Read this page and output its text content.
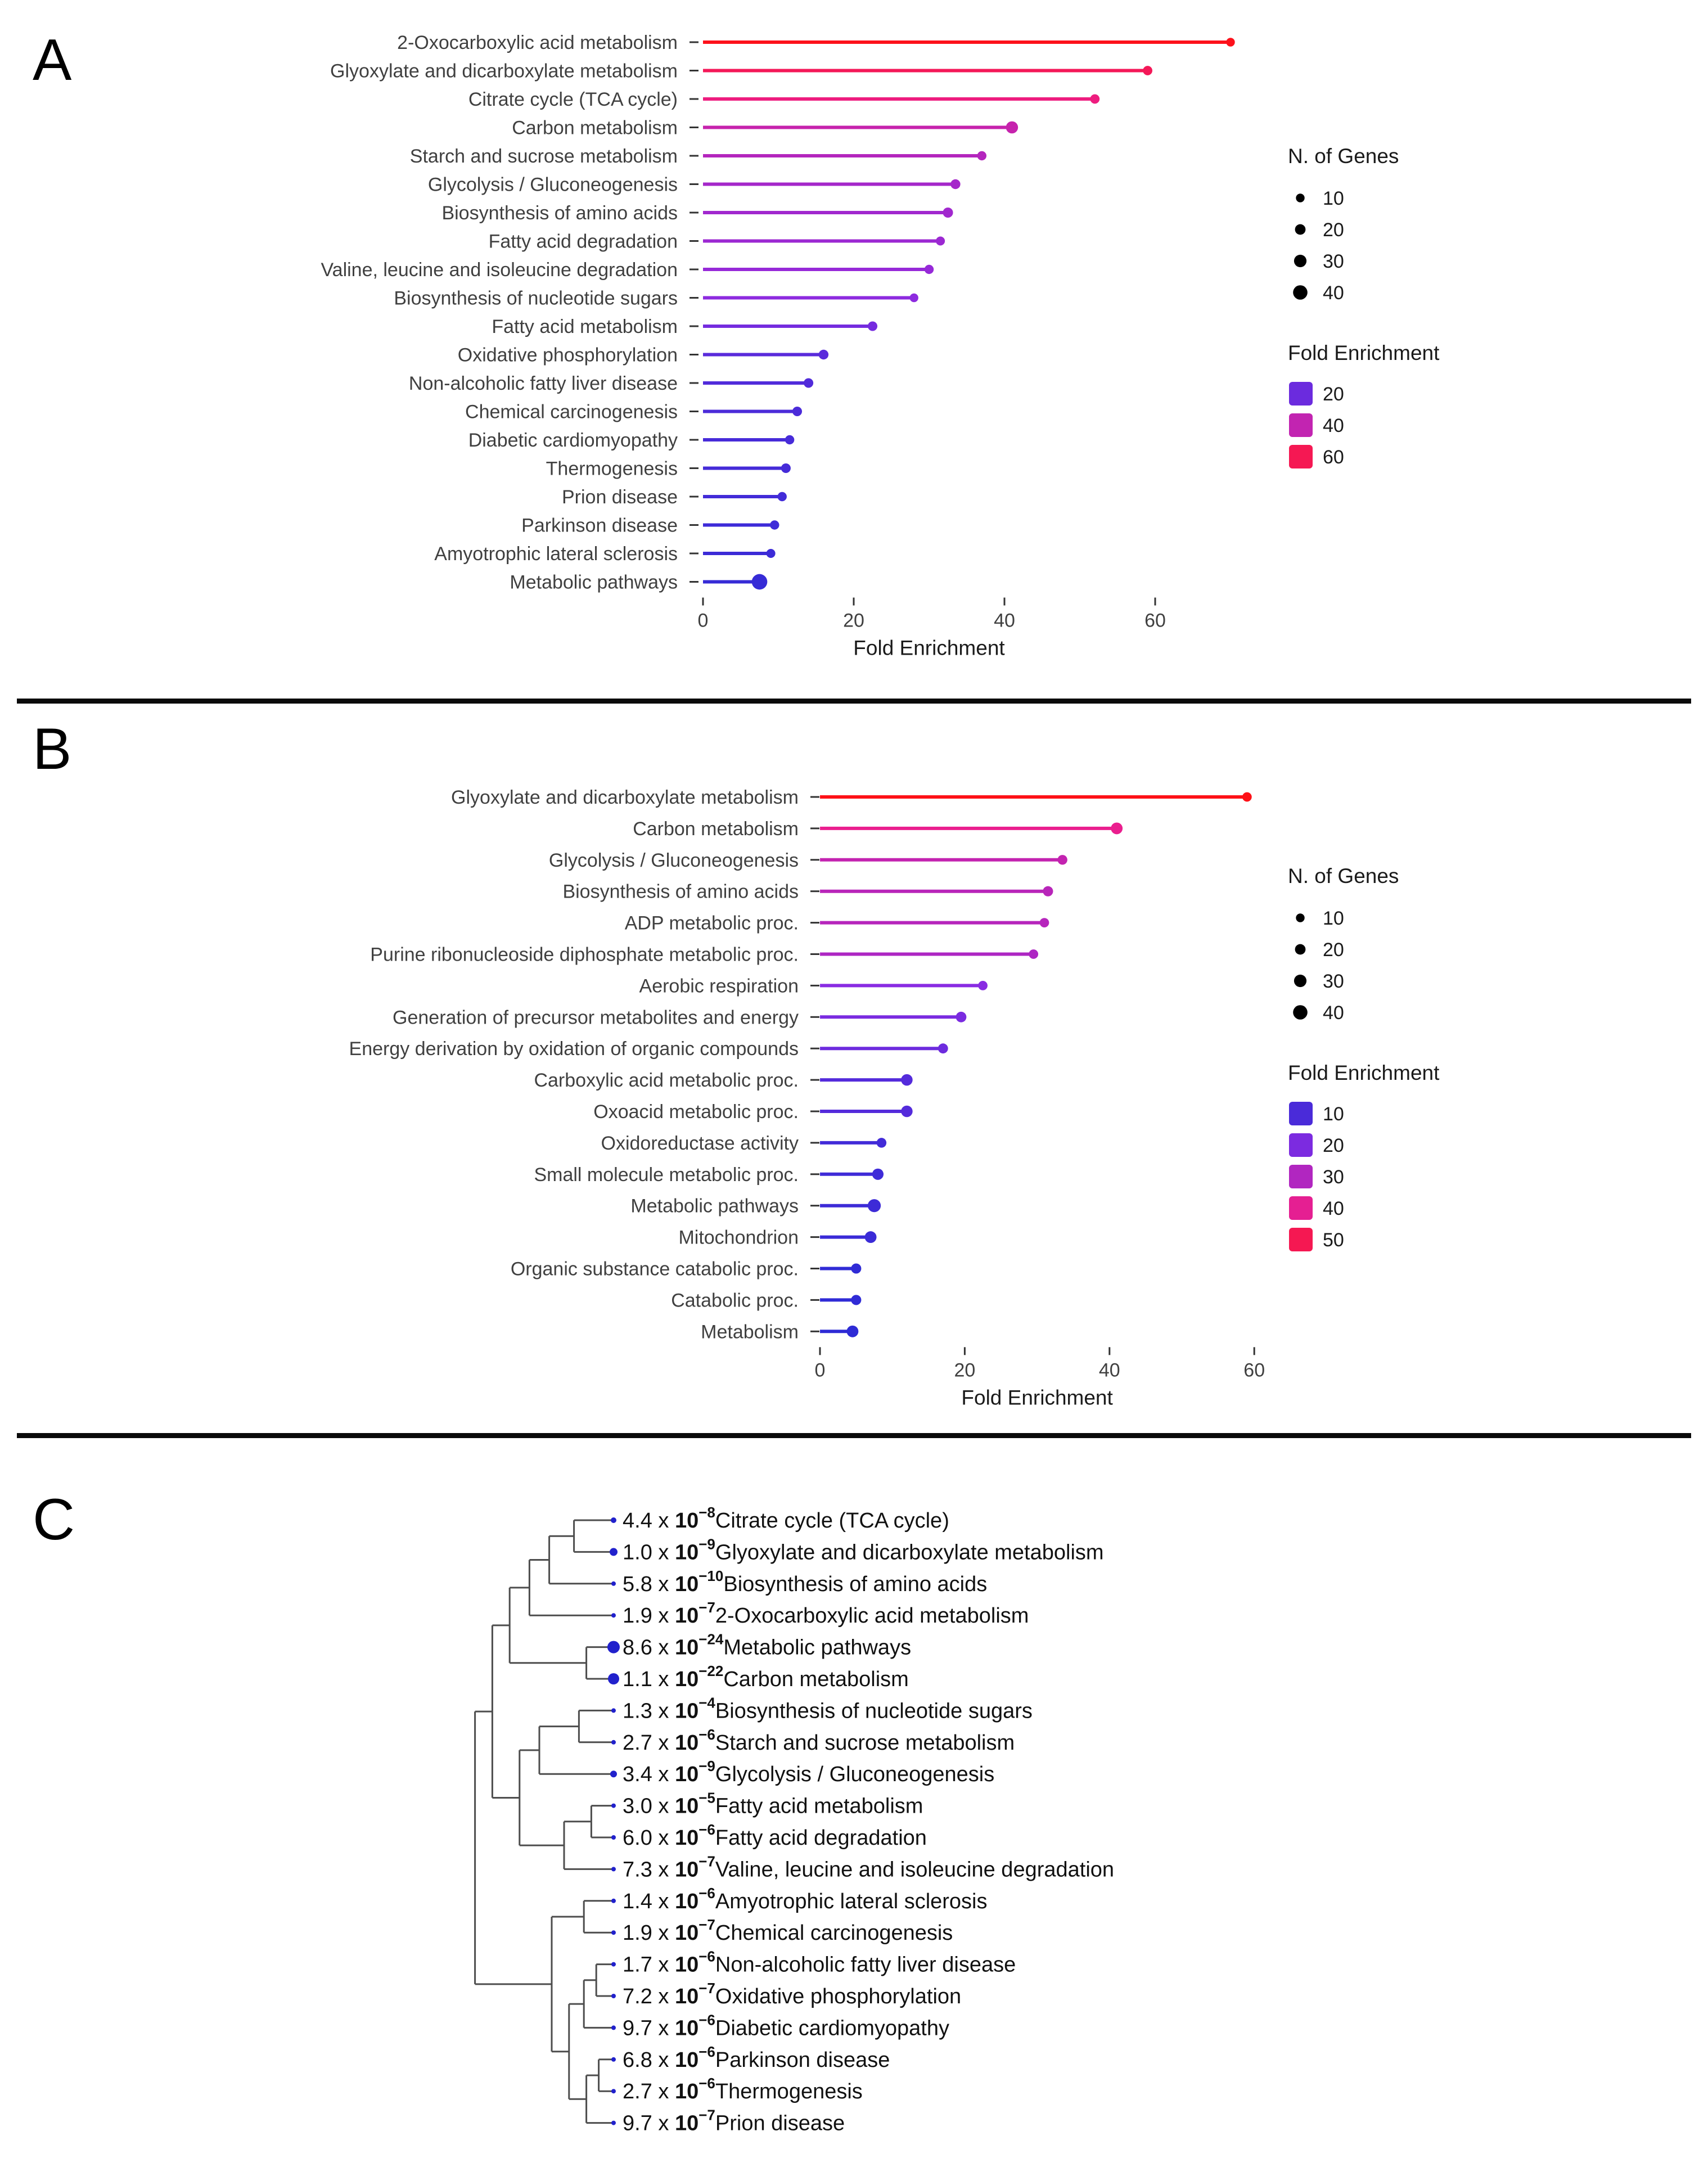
A	2-Oxocarboxylic acid metabolism
Glyoxylate and dicarboxylate metabolism
Citrate cycle (TCA cycle)
Carbon metabolism
Starch and sucrose metabolism
Glycolysis / Gluconeogenesis
Biosynthesis of amino acids
Fatty acid degradation
Valine, leucine and isoleucine degradation
Biosynthesis of nucleotide sugars
Fatty acid metabolism
Oxidative phosphorylation
Non-alcoholic fatty liver disease
Chemical carcinogenesis
Diabetic cardiomyopathy
Thermogenesis
Prion disease
Parkinson disease
Amyotrophic lateral sclerosis
Metabolic pathways
0	20	40	60
Fold Enrichment
N. of Genes
10
20
30
40
Fold Enrichment
20
40
60
B
Glyoxylate and dicarboxylate metabolism
Carbon metabolism
Glycolysis / Gluconeogenesis
Biosynthesis of amino acids
ADP metabolic proc.
Purine ribonucleoside diphosphate metabolic proc.
Aerobic respiration
Generation of precursor metabolites and energy
Energy derivation by oxidation of organic compounds
Carboxylic acid metabolic proc.
Oxoacid metabolic proc.
Oxidoreductase activity
Small molecule metabolic proc.
Metabolic pathways
Mitochondrion
Organic substance catabolic proc.
Catabolic proc.
Metabolism
0	20	40	60
Fold Enrichment
N. of Genes
10
20
30
40
Fold Enrichment
10
20
30
40
50
C	4.4 x $10^{-8}Citrate$ cycle (TCA cycle)
1.0 x $10^{-9}Glyoxylate$ and dicarboxylate metabolism
5.8 x $10^{-10}Biosynthesis$ of amino acids
1.9 x $10^{-7}2$-Oxocarboxylic acid metabolism
8.6 x $10^{-24}Metabolic$ pathways
1.1 x $10^{-22}Carbon$ metabolism
1.3 x $10^{-4}Biosynthesis$ of nucleotide sugars
2.7 x $10^{-6}Starch$ and sucrose metabolism
3.4 x $10^{-9}Glycolysis$ / Gluconeogenesis
3.0 x $10^{-5}Fatty$ acid metabolism
6.0 x $10^{-6}Fatty$ acid degradation
7.3 x $10^{-7}Valine$, leucine and isoleucine degradation
1.4 x $10^{-6}Amyotrophic$ lateral sclerosis
1.9 x $10^{-7}Chemical$ carcinogenesis
1.7 x $10^{-6}Non$-alcoholic fatty liver disease
7.2 x $10^{-7}Oxidative$ phosphorylation
9.7 x $10^{-6}Diabetic$ cardiomyopathy
6.8 x $10^{-6}Parkinson$ disease
2.7 x $10^{-6}Thermogenesis$
9.7 x $10^{-7}Prion$ disease
